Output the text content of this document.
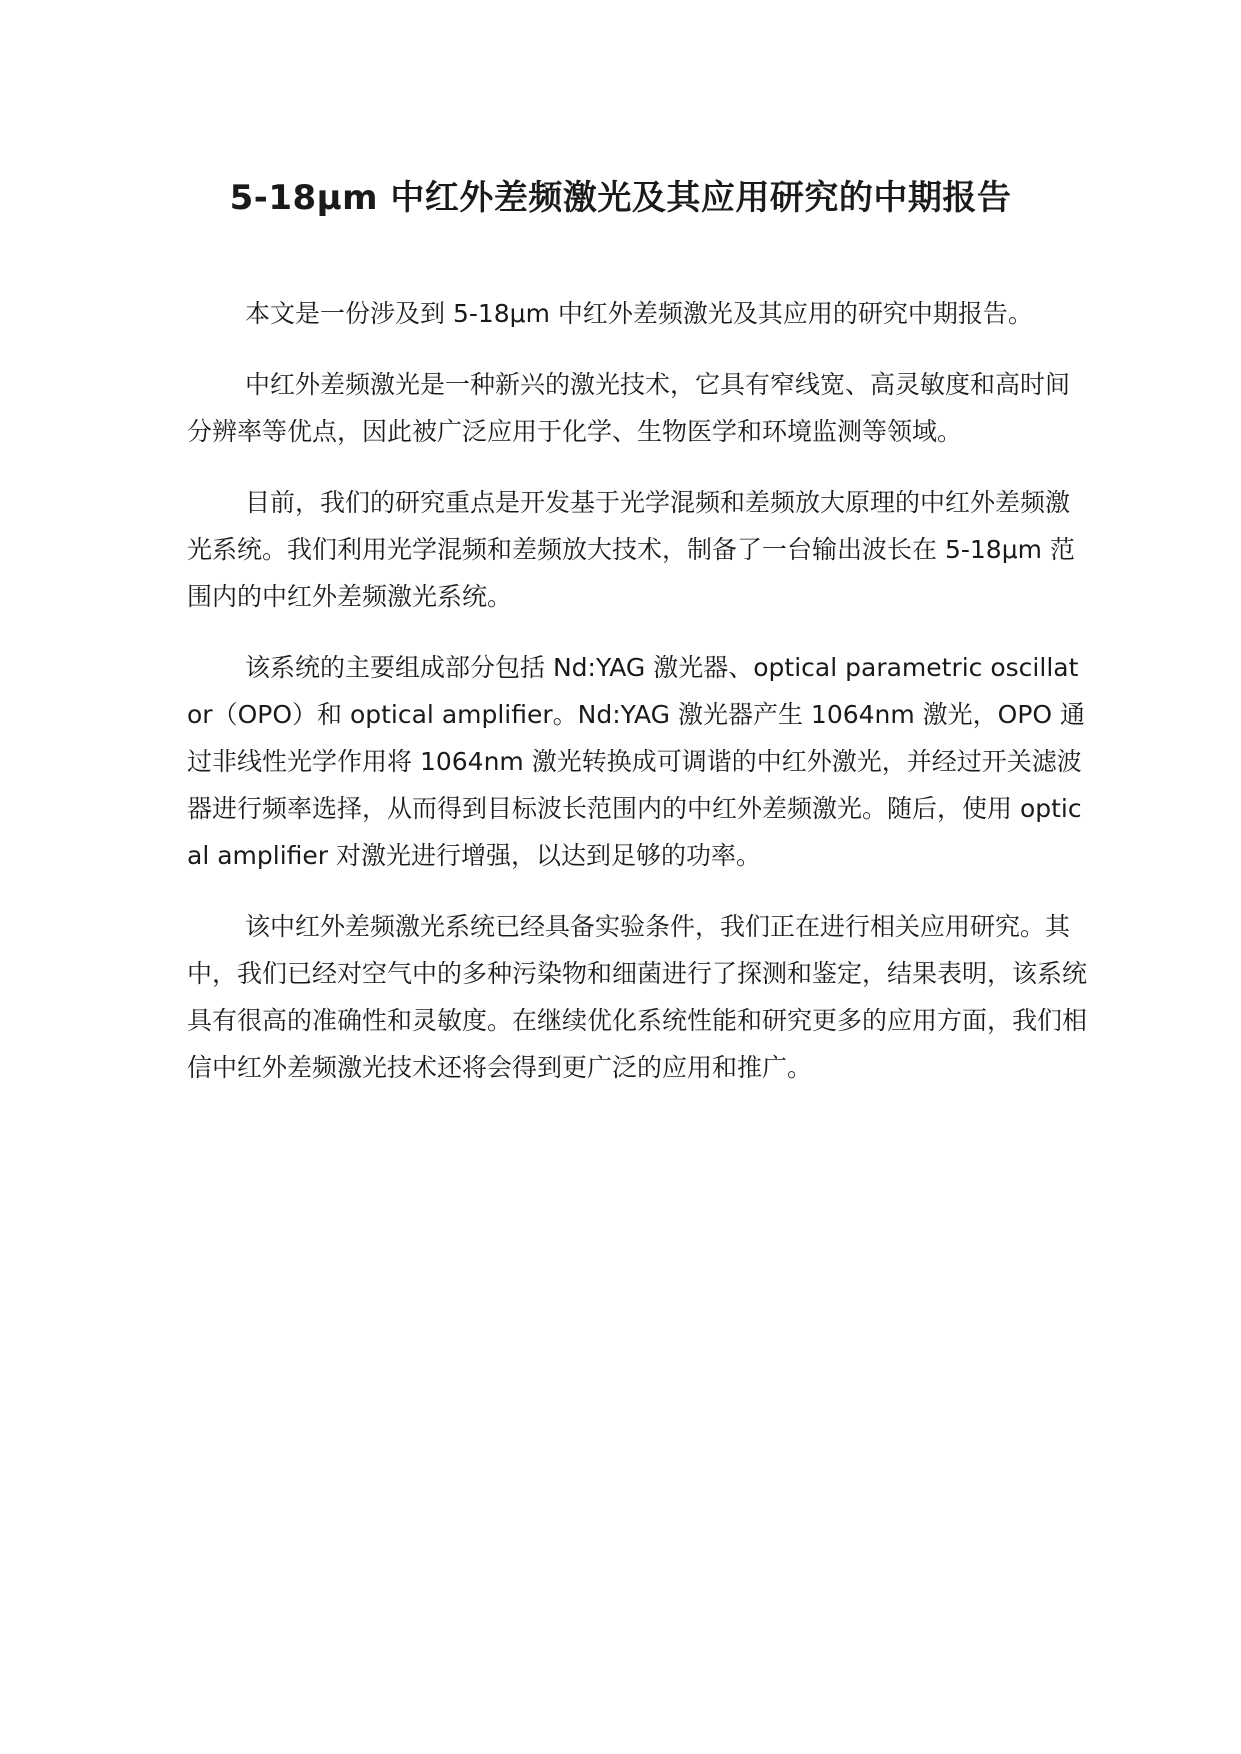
5-18μm 中红外差频激光及其应用研究的中期报告

本文是一份涉及到 5-18μm 中红外差频激光及其应用的研究中期报告。

中红外差频激光是一种新兴的激光技术，它具有窄线宽、高灵敏度和高时间分辨率等优点，因此被广泛应用于化学、生物医学和环境监测等领域。

目前，我们的研究重点是开发基于光学混频和差频放大原理的中红外差频激光系统。我们利用光学混频和差频放大技术，制备了一台输出波长在 5-18μm 范围内的中红外差频激光系统。

该系统的主要组成部分包括 Nd:YAG 激光器、optical parametric oscillator（OPO）和 optical amplifier。Nd:YAG 激光器产生 1064nm 激光，OPO 通过非线性光学作用将 1064nm 激光转换成可调谐的中红外激光，并经过开关滤波器进行频率选择，从而得到目标波长范围内的中红外差频激光。随后，使用 optical amplifier 对激光进行增强，以达到足够的功率。

该中红外差频激光系统已经具备实验条件，我们正在进行相关应用研究。其中，我们已经对空气中的多种污染物和细菌进行了探测和鉴定，结果表明，该系统具有很高的准确性和灵敏度。在继续优化系统性能和研究更多的应用方面，我们相信中红外差频激光技术还将会得到更广泛的应用和推广。
